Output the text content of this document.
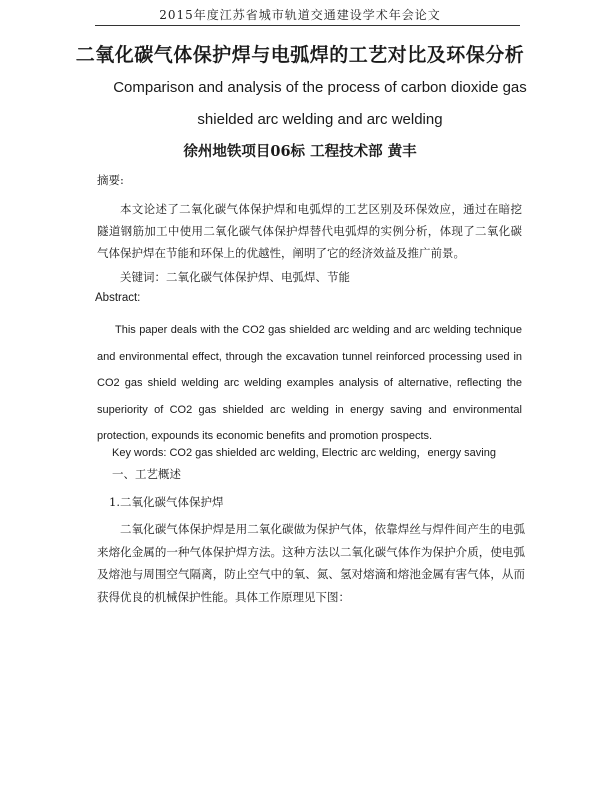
2015年度江苏省城市轨道交通建设学术年会论文
二氧化碳气体保护焊与电弧焊的工艺对比及环保分析
Comparison and analysis of the process of carbon dioxide gas shielded arc welding and arc welding
徐州地铁项目06标 工程技术部 黄丰
摘要:
本文论述了二氧化碳气体保护焊和电弧焊的工艺区别及环保效应，通过在暗挖隧道钢筋加工中使用二氧化碳气体保护焊替代电弧焊的实例分析，体现了二氧化碳气体保护焊在节能和环保上的优越性，阐明了它的经济效益及推广前景。
关键词：二氧化碳气体保护焊、电弧焊、节能
Abstract:
This paper deals with the CO2 gas shielded arc welding and arc welding technique and environmental effect, through the excavation tunnel reinforced processing used in CO2 gas shield welding arc welding examples analysis of alternative, reflecting the superiority of CO2 gas shielded arc welding in energy saving and environmental protection, expounds its economic benefits and promotion prospects.
Key words: CO2 gas shielded arc welding, Electric arc welding，energy saving
一、工艺概述
1.二氧化碳气体保护焊
二氧化碳气体保护焊是用二氧化碳做为保护气体，依靠焊丝与焊件间产生的电弧来熔化金属的一种气体保护焊方法。这种方法以二氧化碳气体作为保护介质，使电弧及熔池与周围空气隔离，防止空气中的氧、氮、氢对熔滴和熔池金属有害气体，从而获得优良的机械保护性能。具体工作原理见下图：
